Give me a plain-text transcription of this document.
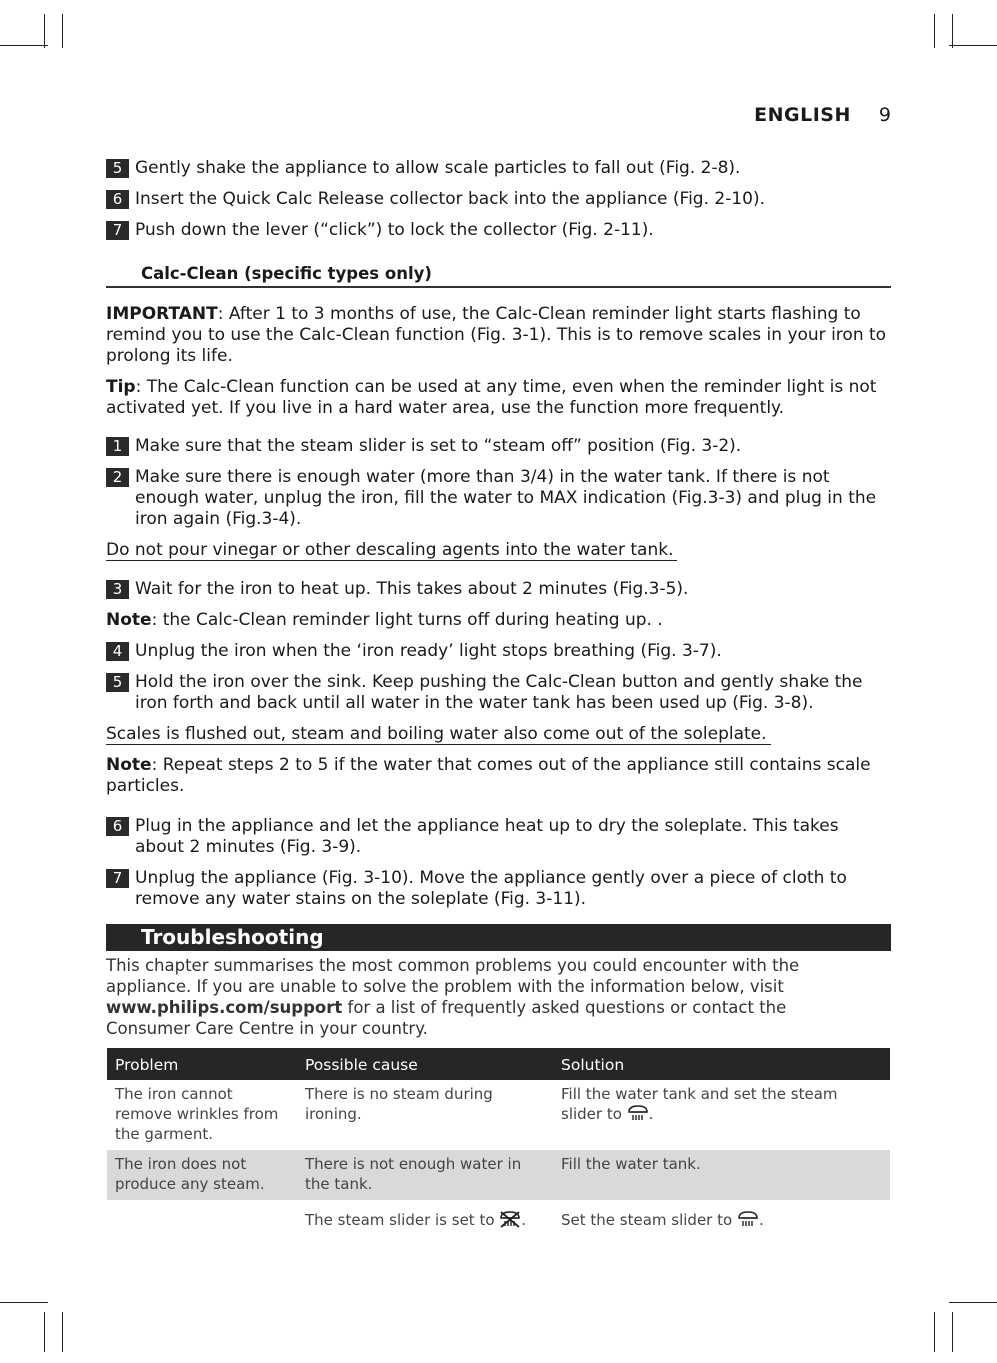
ENGLISH 9
5 Gently shake the appliance to allow scale particles to fall out (Fig. 2-8).
6 Insert the Quick Calc Release collector back into the appliance (Fig. 2-10).
7 Push down the lever (“click”) to lock the collector (Fig. 2-11).
Calc-Clean (specific types only)
IMPORTANT: After 1 to 3 months of use, the Calc-Clean reminder light starts flashing to remind you to use the Calc-Clean function (Fig. 3-1). This is to remove scales in your iron to prolong its life.
Tip: The Calc-Clean function can be used at any time, even when the reminder light is not activated yet. If you live in a hard water area, use the function more frequently.
1 Make sure that the steam slider is set to “steam off” position (Fig. 3-2).
2 Make sure there is enough water (more than 3/4) in the water tank. If there is not enough water, unplug the iron, fill the water to MAX indication (Fig.3-3) and plug in the iron again (Fig.3-4).
Do not pour vinegar or other descaling agents into the water tank.
3 Wait for the iron to heat up. This takes about 2 minutes (Fig.3-5).
Note: the Calc-Clean reminder light turns off during heating up. .
4 Unplug the iron when the ‘iron ready’ light stops breathing (Fig. 3-7).
5 Hold the iron over the sink. Keep pushing the Calc-Clean button and gently shake the iron forth and back until all water in the water tank has been used up (Fig. 3-8).
Scales is flushed out, steam and boiling water also come out of the soleplate.
Note: Repeat steps 2 to 5 if the water that comes out of the appliance still contains scale particles.
6 Plug in the appliance and let the appliance heat up to dry the soleplate. This takes about 2 minutes (Fig. 3-9).
7 Unplug the appliance (Fig. 3-10). Move the appliance gently over a piece of cloth to remove any water stains on the soleplate (Fig. 3-11).
Troubleshooting
This chapter summarises the most common problems you could encounter with the appliance. If you are unable to solve the problem with the information below, visit www.philips.com/support for a list of frequently asked questions or contact the Consumer Care Centre in your country.
Problem	Possible cause	Solution
The iron cannot remove wrinkles from the garment.	There is no steam during ironing.	Fill the water tank and set the steam slider to .
The iron does not produce any steam.	There is not enough water in the tank.	Fill the water tank.
	The steam slider is set to .	Set the steam slider to .
